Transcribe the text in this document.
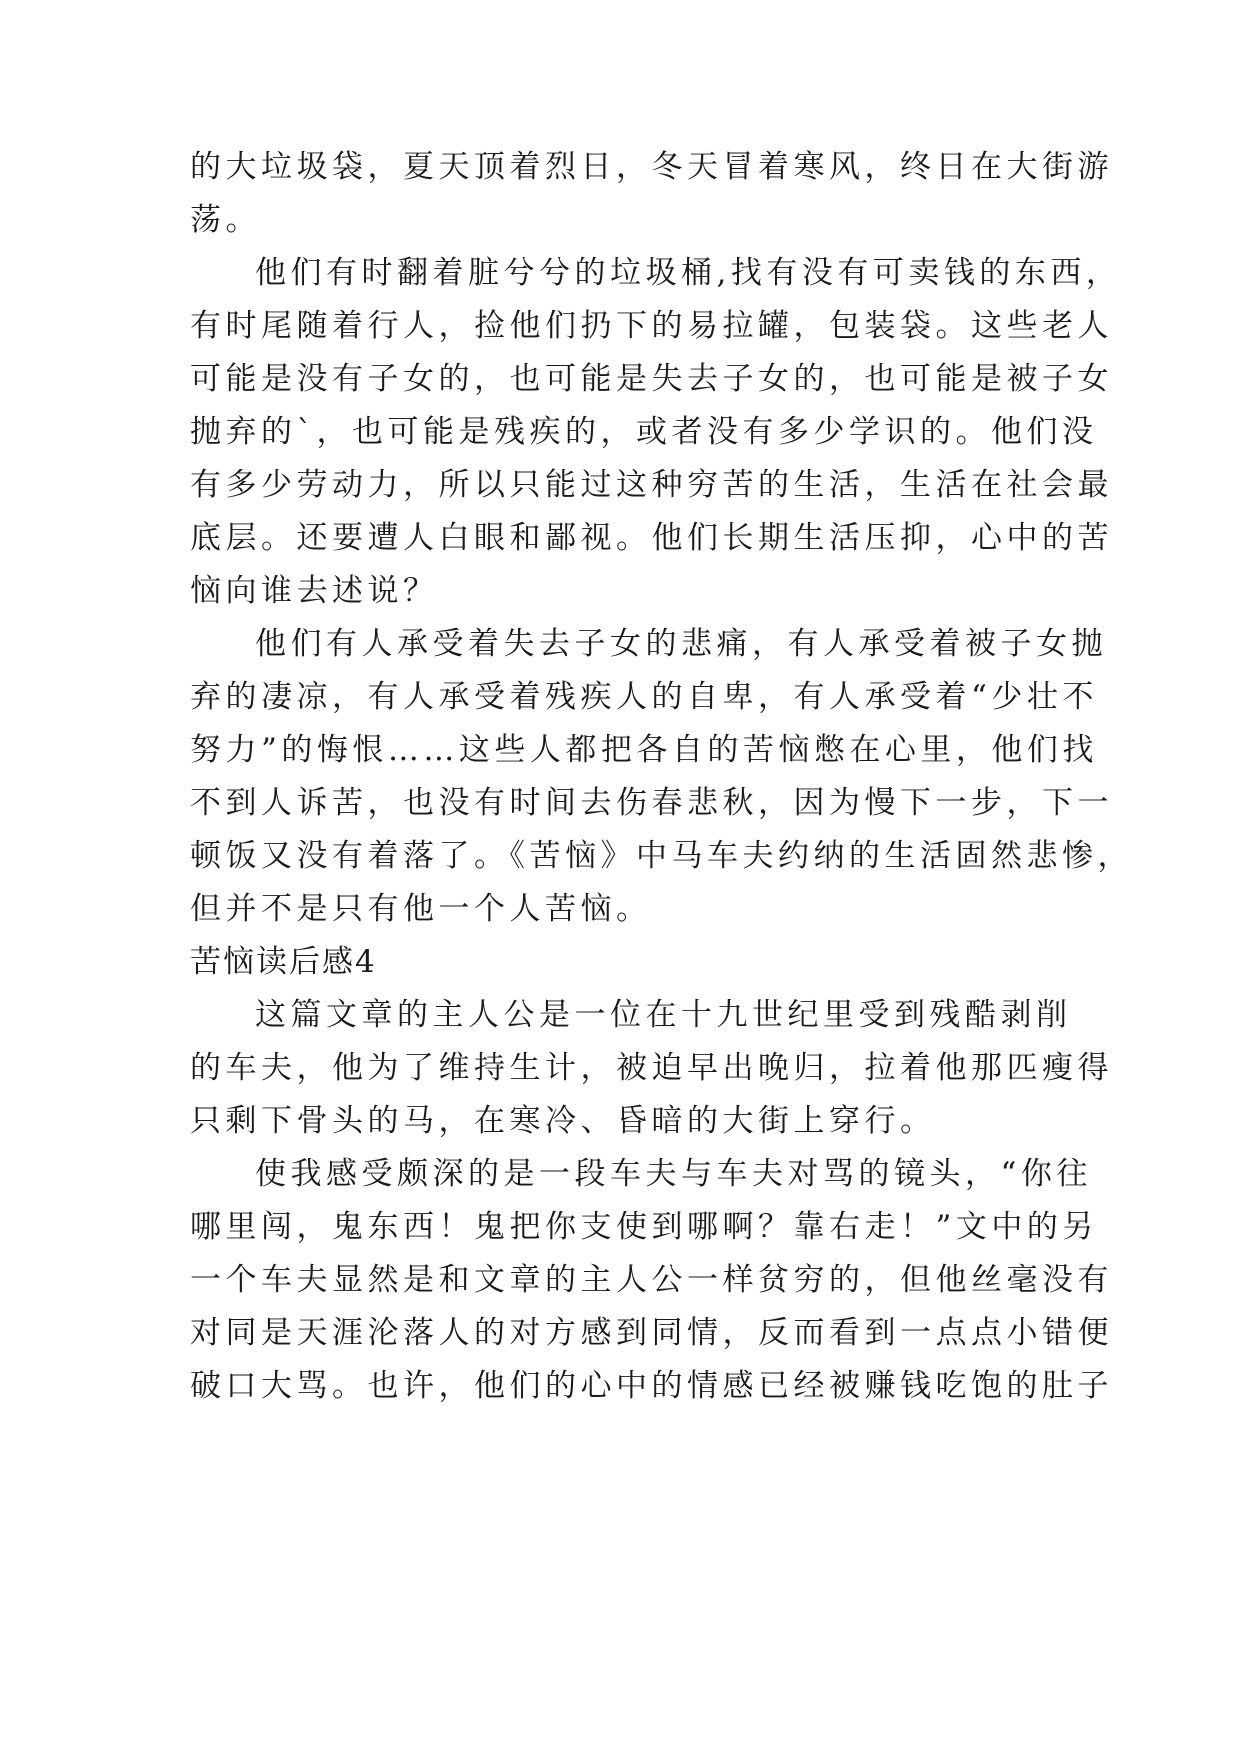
的大垃圾袋，夏天顶着烈日，冬天冒着寒风，终日在大街游
荡。
他们有时翻着脏兮兮的垃圾桶,找有没有可卖钱的东西，
有时尾随着行人，捡他们扔下的易拉罐，包装袋。这些老人
可能是没有子女的，也可能是失去子女的，也可能是被子女
抛弃的`，也可能是残疾的，或者没有多少学识的。他们没
有多少劳动力，所以只能过这种穷苦的生活，生活在社会最
底层。还要遭人白眼和鄙视。他们长期生活压抑，心中的苦
恼向谁去述说？
他们有人承受着失去子女的悲痛，有人承受着被子女抛
弃的凄凉，有人承受着残疾人的自卑，有人承受着“少壮不
努力”的悔恨……这些人都把各自的苦恼憋在心里，他们找
不到人诉苦，也没有时间去伤春悲秋，因为慢下一步，下一
顿饭又没有着落了。《苦恼》中马车夫约纳的生活固然悲惨，
但并不是只有他一个人苦恼。
苦恼读后感4
这篇文章的主人公是一位在十九世纪里受到残酷剥削
的车夫，他为了维持生计，被迫早出晚归，拉着他那匹瘦得
只剩下骨头的马，在寒冷、昏暗的大街上穿行。
使我感受颇深的是一段车夫与车夫对骂的镜头，“你往
哪里闯，鬼东西！鬼把你支使到哪啊？靠右走！”文中的另
一个车夫显然是和文章的主人公一样贫穷的，但他丝毫没有
对同是天涯沦落人的对方感到同情，反而看到一点点小错便
破口大骂。也许，他们的心中的情感已经被赚钱吃饱的肚子
